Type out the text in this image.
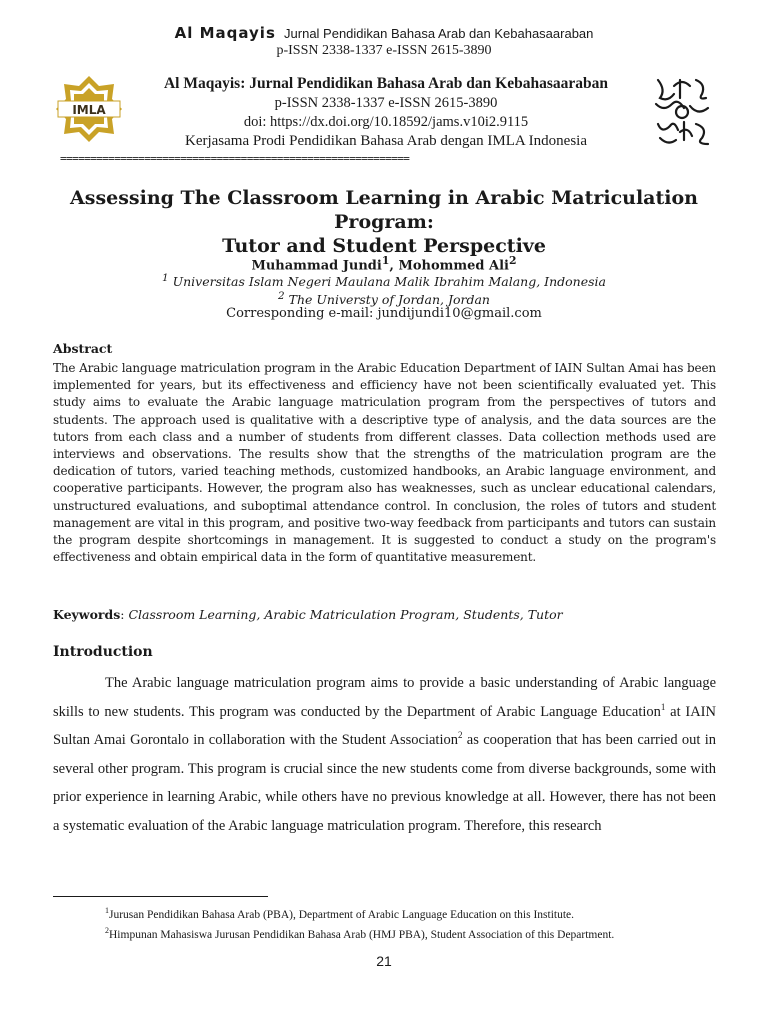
Al Maqayis Jurnal Pendidikan Bahasa Arab dan Kebahasaaraban
p-ISSN 2338-1337 e-ISSN 2615-3890
IMLA
Al Maqayis: Jurnal Pendidikan Bahasa Arab dan Kebahasaaraban
p-ISSN 2338-1337 e-ISSN 2615-3890
doi: https://dx.doi.org/10.18592/jams.v10i2.9115
Kerjasama Prodi Pendidikan Bahasa Arab dengan IMLA Indonesia
==========================================================
Assessing The Classroom Learning in Arabic Matriculation Program:
Tutor and Student Perspective
Muhammad Jundi$^1$, Mohommed Ali$^2$
$^1$ Universitas Islam Negeri Maulana Malik Ibrahim Malang, Indonesia
$^2$ The Universty of Jordan, Jordan
Corresponding e-mail: jundijundi10@gmail.com
Abstract
The Arabic language matriculation program in the Arabic Education Department of IAIN Sultan Amai has been implemented for years, but its effectiveness and efficiency have not been scientifically evaluated yet. This study aims to evaluate the Arabic language matriculation program from the perspectives of tutors and students. The approach used is qualitative with a descriptive type of analysis, and the data sources are the tutors from each class and a number of students from different classes. Data collection methods used are interviews and observations. The results show that the strengths of the matriculation program are the dedication of tutors, varied teaching methods, customized handbooks, an Arabic language environment, and cooperative participants. However, the program also has weaknesses, such as unclear educational calendars, unstructured evaluations, and suboptimal attendance control. In conclusion, the roles of tutors and student management are vital in this program, and positive two-way feedback from participants and tutors can sustain the program despite shortcomings in management. It is suggested to conduct a study on the program's effectiveness and obtain empirical data in the form of quantitative measurement.
Keywords: Classroom Learning, Arabic Matriculation Program, Students, Tutor
Introduction
The Arabic language matriculation program aims to provide a basic understanding of Arabic language skills to new students. This program was conducted by the Department of Arabic Language Education$^1$ at IAIN Sultan Amai Gorontalo in collaboration with the Student Association$^2$ as cooperation that has been carried out in several other program. This program is crucial since the new students come from diverse backgrounds, some with prior experience in learning Arabic, while others have no previous knowledge at all. However, there has not been a systematic evaluation of the Arabic language matriculation program. Therefore, this research
$^1$Jurusan Pendidikan Bahasa Arab (PBA), Department of Arabic Language Education on this Institute.
$^2$Himpunan Mahasiswa Jurusan Pendidikan Bahasa Arab (HMJ PBA), Student Association of this Department.
21
